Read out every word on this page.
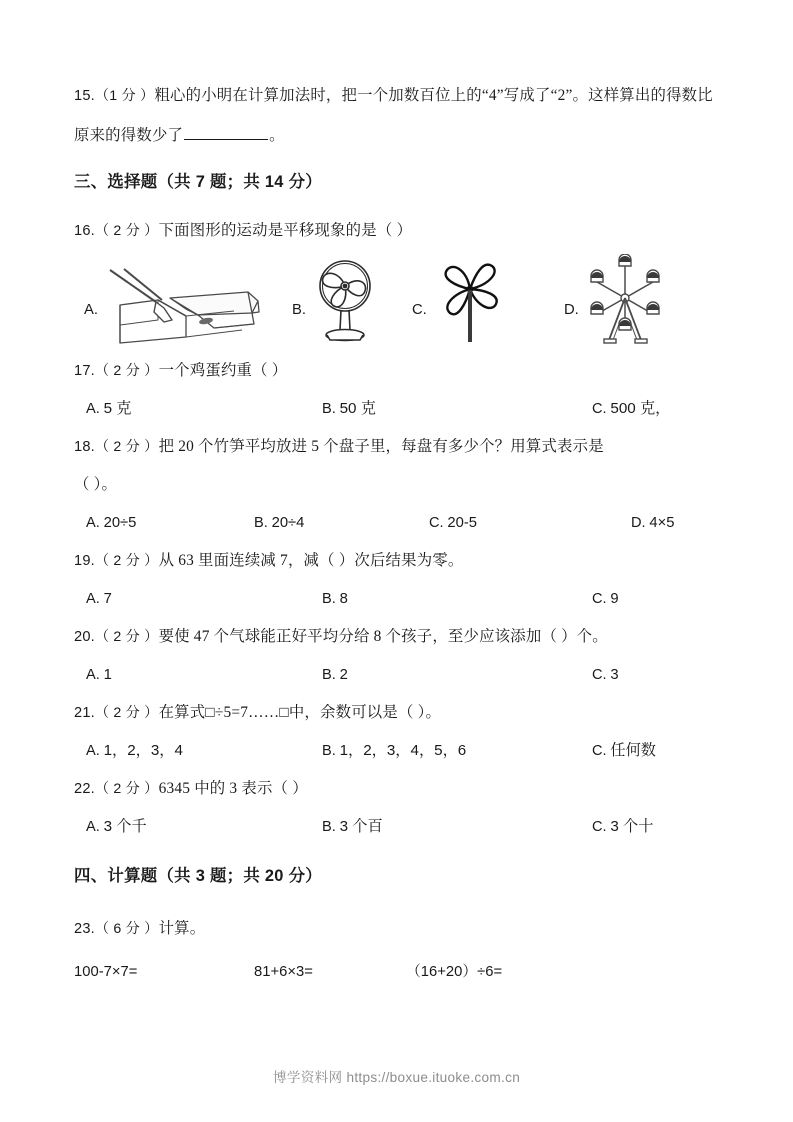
15.（1 分 ）粗心的小明在计算加法时，把一个加数百位上的“4”写成了“2”。这样算出的得数比原来的得数少了	。
三、选择题（共 7 题；共 14 分）
16.（ 2 分 ）下面图形的运动是平移现象的是（ ）
A.	B.	C.	D.
17.（ 2 分 ）一个鸡蛋约重（ ）
A. 5 克	B. 50 克	C. 500 克，
18.（ 2 分 ）把 20 个竹笋平均放进 5 个盘子里，每盘有多少个？用算式表示是
（ ）。
A. 20÷5	B. 20÷4	C. 20-5	D. 4×5
19.（ 2 分 ）从 63 里面连续减 7，减（ ）次后结果为零。
A. 7	B. 8	C. 9
20.（ 2 分 ）要使 47 个气球能正好平均分给 8 个孩子，至少应该添加（ ）个。
A. 1	B. 2	C. 3
21.（ 2 分 ）在算式□÷5=7……□中，余数可以是（ ）。
A. 1，2，3，4	B. 1，2，3，4，5，6	C. 任何数
22.（ 2 分 ）6345 中的 3 表示（ ）
A. 3 个千	B. 3 个百	C. 3 个十
四、计算题（共 3 题；共 20 分）
23.（ 6 分 ）计算。
100-7×7=	81+6×3=	（16+20）÷6=
博学资料网 https://boxue.ituoke.com.cn
